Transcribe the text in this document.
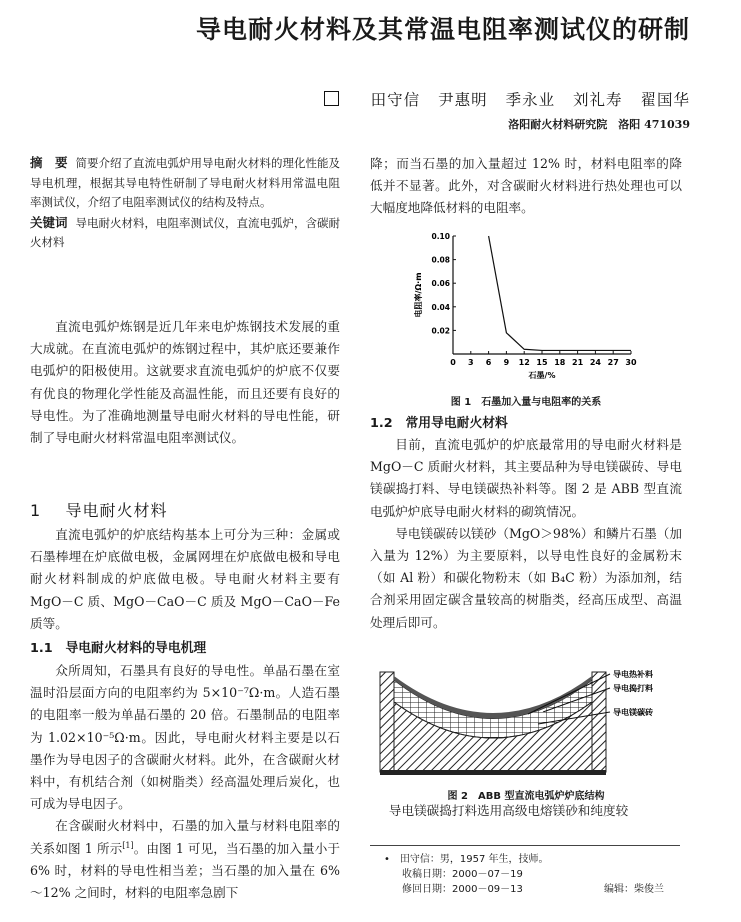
导电耐火材料及其常温电阻率测试仪的研制
田守信 尹惠明 季永业 刘礼寿 翟国华
洛阳耐火材料研究院　洛阳 471039
摘　要 简要介绍了直流电弧炉用导电耐火材料的理化性能及导电机理，根据其导电特性研制了导电耐火材料用常温电阻率测试仪，介绍了电阻率测试仪的结构及特点。
关键词 导电耐火材料，电阻率测试仪，直流电弧炉，含碳耐火材料

直流电弧炉炼钢是近几年来电炉炼钢技术发展的重大成就。在直流电弧炉的炼钢过程中，其炉底还要兼作电弧炉的阳极使用。这就要求直流电弧炉的炉底不仅要有优良的物理化学性能及高温性能，而且还要有良好的导电性。为了准确地测量导电耐火材料的导电性能，研制了导电耐火材料常温电阻率测试仪。

1 导电耐火材料

直流电弧炉的炉底结构基本上可分为三种：金属或石墨棒埋在炉底做电极，金属网埋在炉底做电极和导电耐火材料制成的炉底做电极。导电耐火材料主要有 MgO－C 质、MgO－CaO－C 质及 MgO－CaO－Fe 质等。

1.1　导电耐火材料的导电机理

众所周知，石墨具有良好的导电性。单晶石墨在室温时沿层面方向的电阻率约为 5×10⁻⁷Ω·m。人造石墨的电阻率一般为单晶石墨的 20 倍。石墨制品的电阻率为 1.02×10⁻⁵Ω·m。因此，导电耐火材料主要是以石墨作为导电因子的含碳耐火材料。此外，在含碳耐火材料中，有机结合剂（如树脂类）经高温处理后炭化，也可成为导电因子。

在含碳耐火材料中，石墨的加入量与材料电阻率的关系如图 1 所示[1]。由图 1 可见，当石墨的加入量小于 6% 时，材料的导电性相当差；当石墨的加入量在 6%～12% 之间时，材料的电阻率急剧下

降；而当石墨的加入量超过 12% 时，材料电阻率的降低并不显著。此外，对含碳耐火材料进行热处理也可以大幅度地降低材料的电阻率。

0 3 6 9 12 15 18 21 24 27 30
0.02
0.04
0.06
0.08
0.10
石墨/%
电阻率/Ω·m
图 1　石墨加入量与电阻率的关系
1.2　常用导电耐火材料

目前，直流电弧炉的炉底最常用的导电耐火材料是 MgO－C 质耐火材料，其主要品种为导电镁碳砖、导电镁碳捣打料、导电镁碳热补料等。图 2 是 ABB 型直流电弧炉炉底导电耐火材料的砌筑情况。

导电镁碳砖以镁砂（MgO＞98%）和鳞片石墨（加入量为 12%）为主要原料，以导电性良好的金属粉末（如 Al 粉）和碳化物粉末（如 B₄C 粉）为添加剂，结合剂采用固定碳含量较高的树脂类，经高压成型、高温处理后即可。

导电热补料
导电捣打料
导电镁碳砖
图 2　ABB 型直流电弧炉炉底结构

导电镁碳捣打料选用高级电熔镁砂和纯度较

•　田守信：男，1957 年生，技师。
收稿日期：2000－07－19
修回日期：2000－09－13	编辑：柴俊兰
